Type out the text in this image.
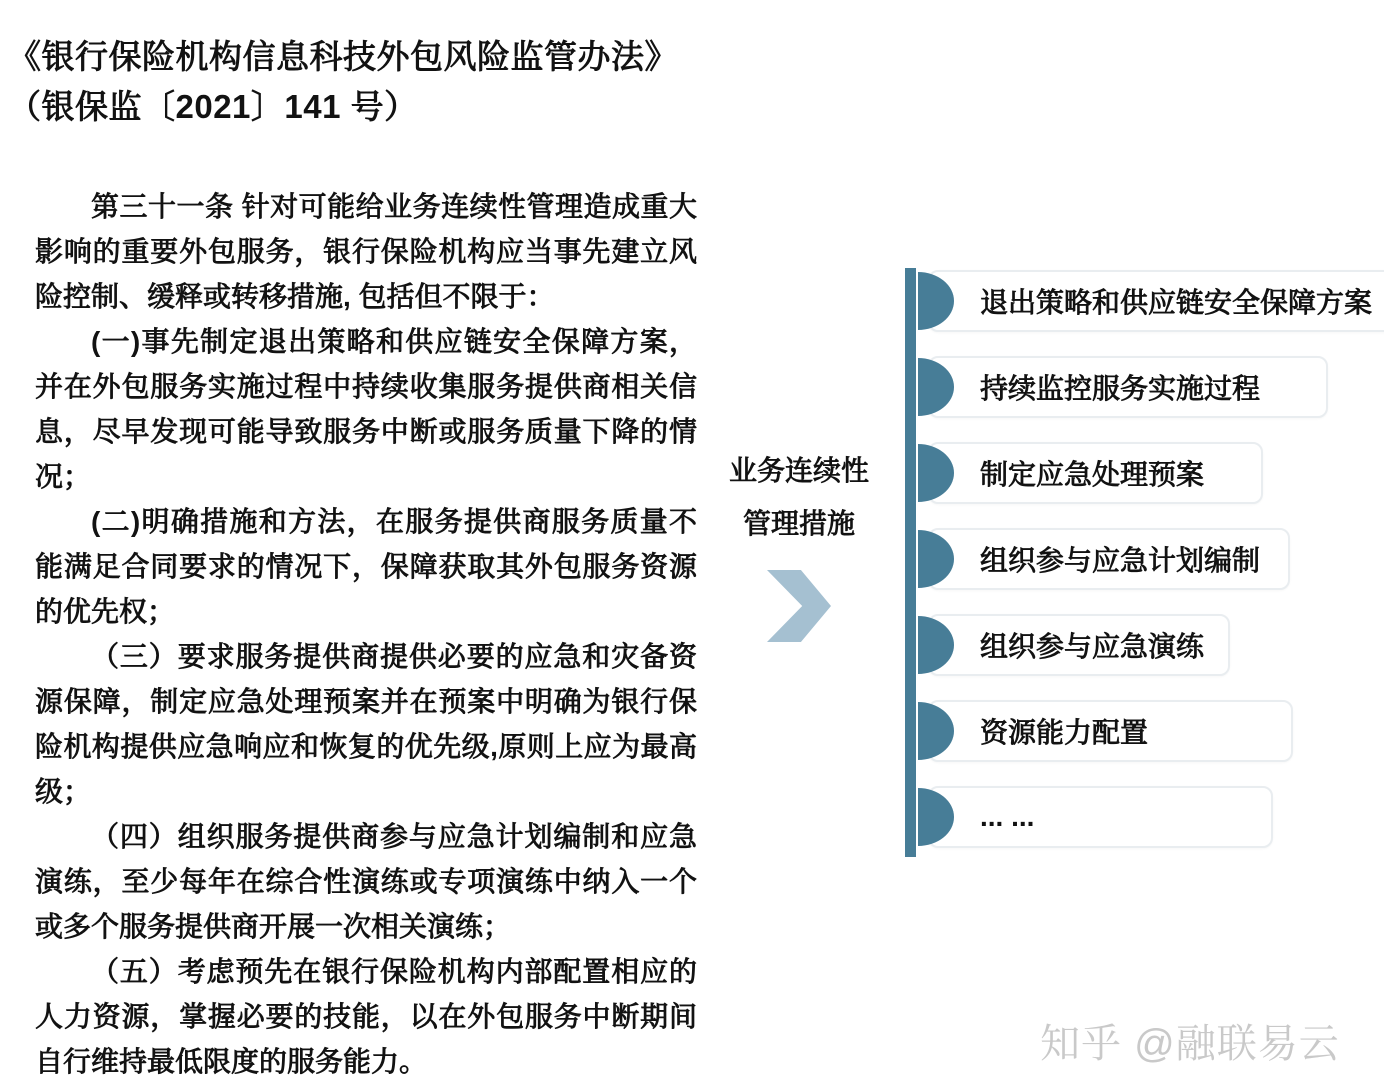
《银行保险机构信息科技外包风险监管办法》
（银保监〔2021〕141 号）

第三十一条 针对可能给业务连续性管理造成重大影响的重要外包服务，银行保险机构应当事先建立风险控制、缓释或转移措施, 包括但不限于：

(一)事先制定退出策略和供应链安全保障方案，并在外包服务实施过程中持续收集服务提供商相关信息，尽早发现可能导致服务中断或服务质量下降的情况；

(二)明确措施和方法，在服务提供商服务质量不能满足合同要求的情况下，保障获取其外包服务资源的优先权；

（三）要求服务提供商提供必要的应急和灾备资源保障，制定应急处理预案并在预案中明确为银行保险机构提供应急响应和恢复的优先级,原则上应为最高级；

（四）组织服务提供商参与应急计划编制和应急演练，至少每年在综合性演练或专项演练中纳入一个或多个服务提供商开展一次相关演练；

（五）考虑预先在银行保险机构内部配置相应的人力资源，掌握必要的技能，以在外包服务中断期间自行维持最低限度的服务能力。

业务连续性
管理措施
退出策略和供应链安全保障方案
持续监控服务实施过程
制定应急处理预案
组织参与应急计划编制
组织参与应急演练
资源能力配置
... ...
知乎 @融联易云
